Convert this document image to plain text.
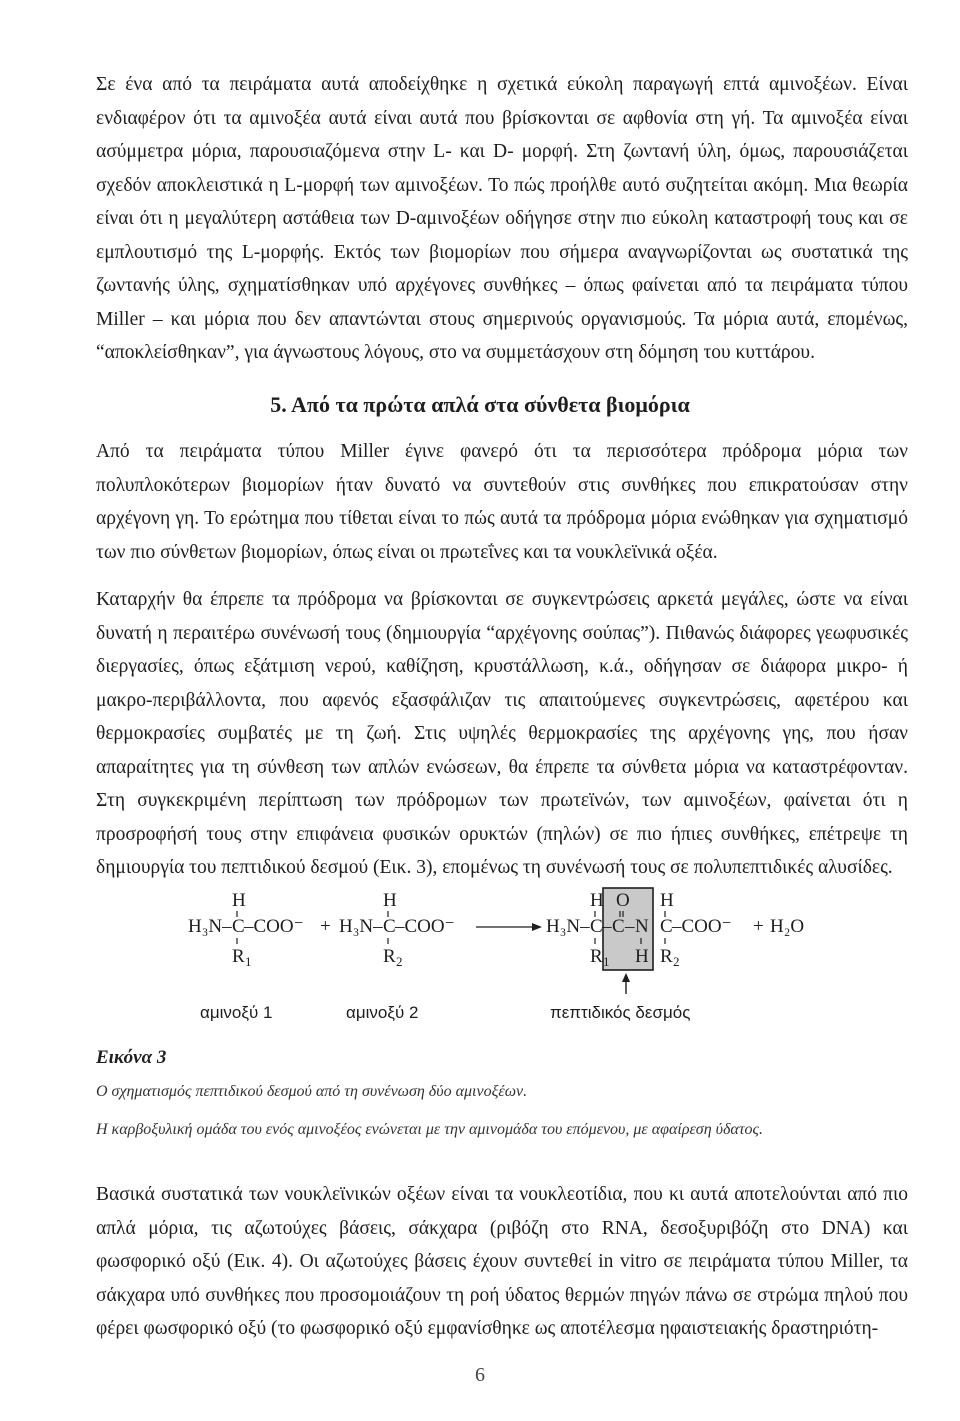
Σε ένα από τα πειράματα αυτά αποδείχθηκε η σχετικά εύκολη παραγωγή επτά αμινοξέων. Είναι ενδιαφέρον ότι τα αμινοξέα αυτά είναι αυτά που βρίσκονται σε αφθονία στη γή. Τα αμινοξέα είναι ασύμμετρα μόρια, παρουσιαζόμενα στην L- και D- μορφή. Στη ζωντανή ύλη, όμως, παρουσιάζεται σχεδόν αποκλειστικά η L-μορφή των αμινοξέων. Το πώς προήλθε αυτό συζητείται ακόμη. Μια θεωρία είναι ότι η μεγαλύτερη αστάθεια των D-αμινοξέων οδήγησε στην πιο εύκολη καταστροφή τους και σε εμπλουτισμό της L-μορφής. Εκτός των βιομορίων που σήμερα αναγνωρίζονται ως συστατικά της ζωντανής ύλης, σχηματίσθηκαν υπό αρχέγονες συνθήκες – όπως φαίνεται από τα πειράματα τύπου Miller – και μόρια που δεν απαντώνται στους σημερινούς οργανισμούς. Τα μόρια αυτά, επομένως, “αποκλείσθηκαν”, για άγνωστους λόγους, στο να συμμετάσχουν στη δόμηση του κυττάρου.

5. Από τα πρώτα απλά στα σύνθετα βιομόρια

Από τα πειράματα τύπου Miller έγινε φανερό ότι τα περισσότερα πρόδρομα μόρια των πολυπλοκότερων βιομορίων ήταν δυνατό να συντεθούν στις συνθήκες που επικρατούσαν στην αρχέγονη γη. Το ερώτημα που τίθεται είναι το πώς αυτά τα πρόδρομα μόρια ενώθηκαν για σχηματισμό των πιο σύνθετων βιομορίων, όπως είναι οι πρωτεΐνες και τα νουκλεϊνικά οξέα.

Καταρχήν θα έπρεπε τα πρόδρομα να βρίσκονται σε συγκεντρώσεις αρκετά μεγάλες, ώστε να είναι δυνατή η περαιτέρω συνένωσή τους (δημιουργία “αρχέγονης σούπας”). Πιθανώς διάφορες γεωφυσικές διεργασίες, όπως εξάτμιση νερού, καθίζηση, κρυστάλλωση, κ.ά., οδήγησαν σε διάφορα μικρο- ή μακρο-περιβάλλοντα, που αφενός εξασφάλιζαν τις απαιτούμενες συγκεντρώσεις, αφετέρου και θερμοκρασίες συμβατές με τη ζωή. Στις υψηλές θερμοκρασίες της αρχέγονης γης, που ήσαν απαραίτητες για τη σύνθεση των απλών ενώσεων, θα έπρεπε τα σύνθετα μόρια να καταστρέφονταν. Στη συγκεκριμένη περίπτωση των πρόδρομων των πρωτεϊνών, των αμινοξέων, φαίνεται ότι η προσροφήσή τους στην επιφάνεια φυσικών ορυκτών (πηλών) σε πιο ήπιες συνθήκες, επέτρεψε τη δημιουργία του πεπτιδικού δεσμού (Εικ. 3), επομένως τη συνένωσή τους σε πολυπεπτιδικές αλυσίδες.

H
H₃N– C –COO⁻
R 1
+
H
H₃N– C –COO⁻
R 2
H O H
H₃N– C – C – N C –COO⁻
R 1 H R 2
+ H₂O
αμινοξύ 1	αμινοξύ 2	πεπτιδικός δεσμός

Εικόνα 3

Ο σχηματισμός πεπτιδικού δεσμού από τη συνένωση δύο αμινοξέων.

Η καρβοξυλική ομάδα του ενός αμινοξέος ενώνεται με την αμινομάδα του επόμενου, με αφαίρεση ύδατος.

Βασικά συστατικά των νουκλεϊνικών οξέων είναι τα νουκλεοτίδια, που κι αυτά αποτελούνται από πιο απλά μόρια, τις αζωτούχες βάσεις, σάκχαρα (ριβόζη στο RNA, δεσοξυριβόζη στο DNA) και φωσφορικό οξύ (Εικ. 4). Οι αζωτούχες βάσεις έχουν συντεθεί in vitro σε πειράματα τύπου Miller, τα σάκχαρα υπό συνθήκες που προσομοιάζουν τη ροή ύδατος θερμών πηγών πάνω σε στρώμα πηλού που φέρει φωσφορικό οξύ (το φωσφορικό οξύ εμφανίσθηκε ως αποτέλεσμα ηφαιστειακής δραστηριότη-

6
